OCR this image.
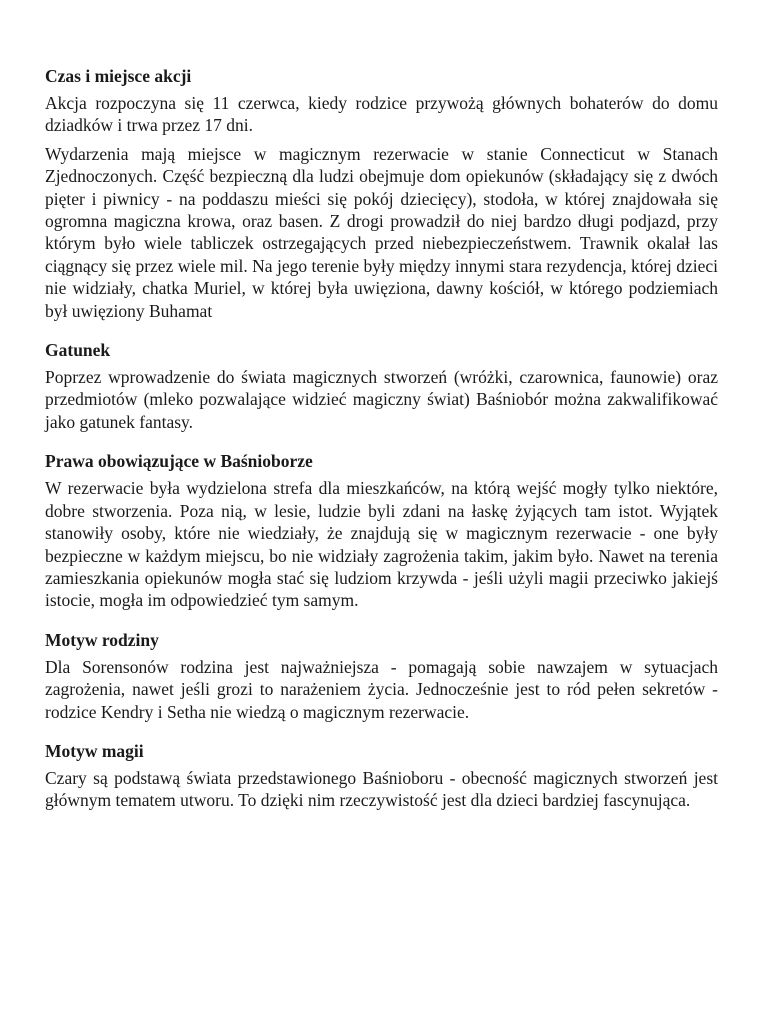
Czas i miejsce akcji

Akcja rozpoczyna się 11 czerwca, kiedy rodzice przywożą głównych bohaterów do domu dziadków i trwa przez 17 dni.

Wydarzenia mają miejsce w magicznym rezerwacie w stanie Connecticut w Stanach Zjednoczonych. Część bezpieczną dla ludzi obejmuje dom opiekunów (składający się z dwóch pięter i piwnicy - na poddaszu mieści się pokój dziecięcy), stodoła, w której znajdowała się ogromna magiczna krowa, oraz basen. Z drogi prowadził do niej bardzo długi podjazd, przy którym było wiele tabliczek ostrzegających przed niebezpieczeństwem. Trawnik okalał las ciągnący się przez wiele mil. Na jego terenie były między innymi stara rezydencja, której dzieci nie widziały, chatka Muriel, w której była uwięziona, dawny kościół, w którego podziemiach był uwięziony Buhamat

Gatunek

Poprzez wprowadzenie do świata magicznych stworzeń (wróżki, czarownica, faunowie) oraz przedmiotów (mleko pozwalające widzieć magiczny świat) Baśniobór można zakwalifikować jako gatunek fantasy.

Prawa obowiązujące w Baśnioborze

W rezerwacie była wydzielona strefa dla mieszkańców, na którą wejść mogły tylko niektóre, dobre stworzenia. Poza nią, w lesie, ludzie byli zdani na łaskę żyjących tam istot. Wyjątek stanowiły osoby, które nie wiedziały, że znajdują się w magicznym rezerwacie - one były bezpieczne w każdym miejscu, bo nie widziały zagrożenia takim, jakim było. Nawet na terenia zamieszkania opiekunów mogła stać się ludziom krzywda - jeśli użyli magii przeciwko jakiejś istocie, mogła im odpowiedzieć tym samym.

Motyw rodziny

Dla Sorensonów rodzina jest najważniejsza - pomagają sobie nawzajem w sytuacjach zagrożenia, nawet jeśli grozi to narażeniem życia. Jednocześnie jest to ród pełen sekretów - rodzice Kendry i Setha nie wiedzą o magicznym rezerwacie.

Motyw magii

Czary są podstawą świata przedstawionego Baśnioboru - obecność magicznych stworzeń jest głównym tematem utworu. To dzięki nim rzeczywistość jest dla dzieci bardziej fascynująca.
